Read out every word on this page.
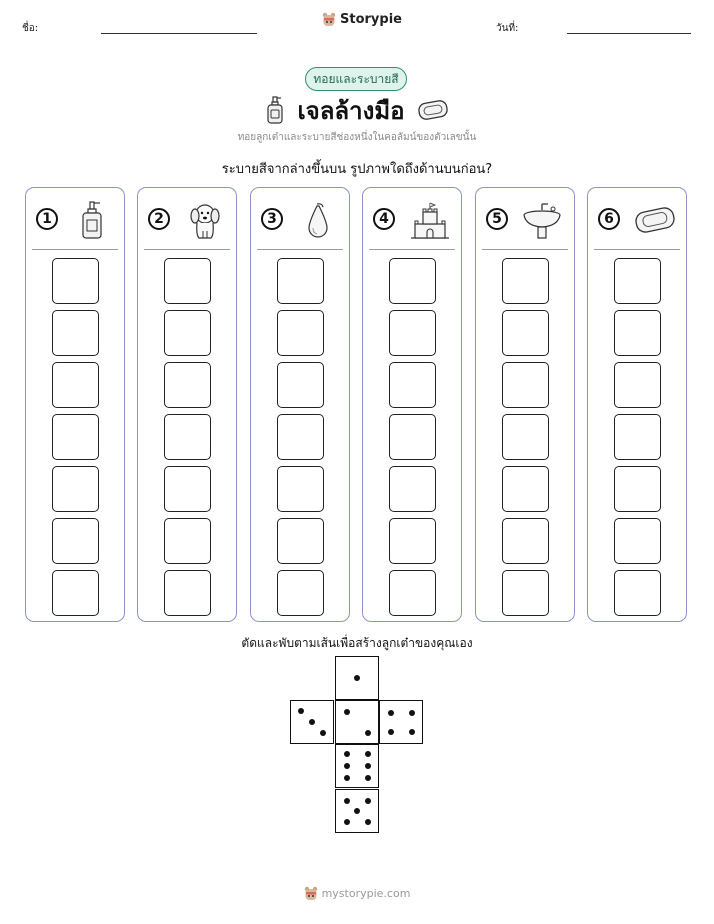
ชื่อ:
Storypie
วันที่:
ทอยและระบายสี
เจลล้างมือ
ทอยลูกเต๋าและระบายสีช่องหนึ่งในคอลัมน์ของตัวเลขนั้น
ระบายสีจากล่างขึ้นบน รูปภาพใดถึงด้านบนก่อน?
1	2	3	4	5	6
ตัดและพับตามเส้นเพื่อสร้างลูกเต๋าของคุณเอง
mystorypie.com
